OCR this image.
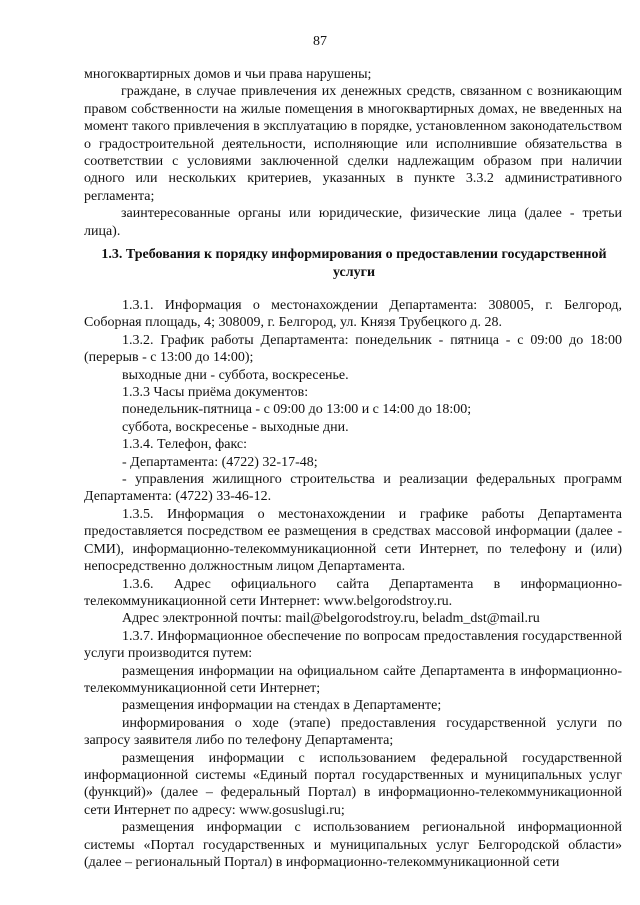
87

многоквартирных домов и чьи права нарушены;

граждане, в случае привлечения их денежных средств, связанном с возникающим правом собственности на жилые помещения в многоквартирных домах, не введенных на момент такого привлечения в эксплуатацию в порядке, установленном законодательством о градостроительной деятельности, исполняющие или исполнившие обязательства в соответствии с условиями заключенной сделки надлежащим образом при наличии одного или нескольких критериев, указанных в пункте 3.3.2 административного регламента;

заинтересованные органы или юридические, физические лица (далее - третьи лица).

1.3. Требования к порядку информирования о предоставлении государственной услуги

1.3.1. Информация о местонахождении Департамента: 308005, г. Белгород, Соборная площадь, 4; 308009, г. Белгород, ул. Князя Трубецкого д. 28.

1.3.2. График работы Департамента: понедельник - пятница - с 09:00 до 18:00 (перерыв - с 13:00 до 14:00);

выходные дни - суббота, воскресенье.

1.3.3 Часы приёма документов:

понедельник-пятница - с 09:00 до 13:00 и с 14:00 до 18:00;

суббота, воскресенье - выходные дни.

1.3.4. Телефон, факс:

- Департамента: (4722) 32-17-48;

- управления жилищного строительства и реализации федеральных программ Департамента: (4722) 33-46-12.

1.3.5. Информация о местонахождении и графике работы Департамента предоставляется посредством ее размещения в средствах массовой информации (далее - СМИ), информационно-телекоммуникационной сети Интернет, по телефону и (или) непосредственно должностным лицом Департамента.

1.3.6. Адрес официального сайта Департамента в информационно-телекоммуникационной сети Интернет: www.belgorodstroy.ru.

Адрес электронной почты: mail@belgorodstroy.ru, beladm_dst@mail.ru

1.3.7. Информационное обеспечение по вопросам предоставления государственной услуги производится путем:

размещения информации на официальном сайте Департамента в информационно-телекоммуникационной сети Интернет;

размещения информации на стендах в Департаменте;

информирования о ходе (этапе) предоставления государственной услуги по запросу заявителя либо по телефону Департамента;

размещения информации с использованием федеральной государственной информационной системы «Единый портал государственных и муниципальных услуг (функций)» (далее – федеральный Портал) в информационно-телекоммуникационной сети Интернет по адресу: www.gosuslugi.ru;

размещения информации с использованием региональной информационной системы «Портал государственных и муниципальных услуг Белгородской области» (далее – региональный Портал) в информационно-телекоммуникационной сети
